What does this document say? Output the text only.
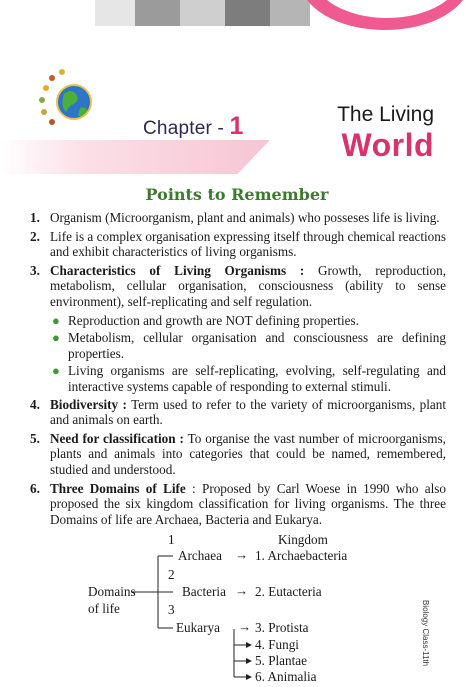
Chapter - 1	The Living
World
Points to Remember
1. Organism (Microorganism, plant and animals) who posseses life is living.
2. Life is a complex organisation expressing itself through chemical reactions and exhibit characteristics of living organisms.
3. Characteristics of Living Organisms : Growth, reproduction, metabolism, cellular organisation, consciousness (ability to sense environment), self-replicating and self regulation.
● Reproduction and growth are NOT defining properties.
● Metabolism, cellular organisation and consciousness are defining properties.
● Living organisms are self-replicating, evolving, self-regulating and interactive systems capable of responding to external stimuli.
4. Biodiversity : Term used to refer to the variety of microorganisms, plant and animals on earth.
5. Need for classification : To organise the vast number of microorganisms, plants and animals into categories that could be named, remembered, studied and understood.
6. Three Domains of Life : Proposed by Carl Woese in 1990 who also proposed the six kingdom classification for living organisms. The three Domains of life are Archaea, Bacteria and Eukarya.
1	Kingdom
Archaea → 1. Archaebacteria
2
Domains
of life
Bacteria → 2. Eutacteria
3
Eukarya → 3. Protista
4. Fungi
5. Plantae
6. Animalia
Biology Class-11th
